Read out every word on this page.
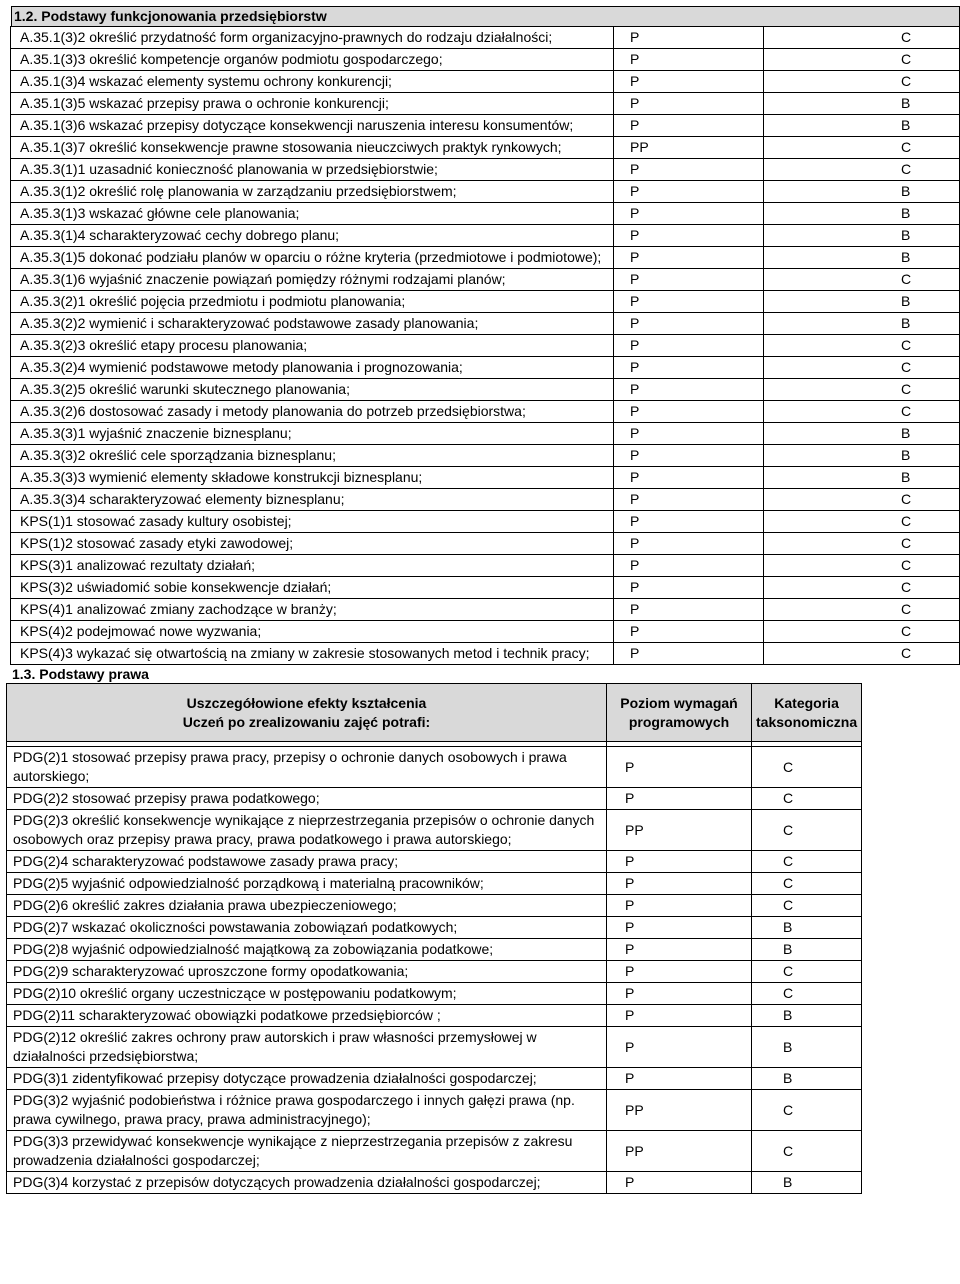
1.2. Podstawy funkcjonowania przedsiębiorstw
A.35.1(3)2 określić przydatność form organizacyjno-prawnych do rodzaju działalności;	P	C
A.35.1(3)3 określić kompetencje organów podmiotu gospodarczego;	P	C
A.35.1(3)4 wskazać elementy systemu ochrony konkurencji;	P	C
A.35.1(3)5 wskazać przepisy prawa o ochronie konkurencji;	P	B
A.35.1(3)6 wskazać przepisy dotyczące konsekwencji naruszenia interesu konsumentów;	P	B
A.35.1(3)7 określić konsekwencje prawne stosowania nieuczciwych praktyk rynkowych;	PP	C
A.35.3(1)1 uzasadnić konieczność planowania w przedsiębiorstwie;	P	C
A.35.3(1)2 określić rolę planowania w zarządzaniu przedsiębiorstwem;	P	B
A.35.3(1)3 wskazać główne cele planowania;	P	B
A.35.3(1)4 scharakteryzować cechy dobrego planu;	P	B
A.35.3(1)5 dokonać podziału planów w oparciu o różne kryteria (przedmiotowe i podmiotowe);	P	B
A.35.3(1)6 wyjaśnić znaczenie powiązań pomiędzy różnymi rodzajami planów;	P	C
A.35.3(2)1 określić pojęcia przedmiotu i podmiotu planowania;	P	B
A.35.3(2)2 wymienić i scharakteryzować podstawowe zasady planowania;	P	B
A.35.3(2)3 określić etapy procesu planowania;	P	C
A.35.3(2)4 wymienić podstawowe metody planowania i prognozowania;	P	C
A.35.3(2)5 określić warunki skutecznego planowania;	P	C
A.35.3(2)6 dostosować zasady i metody planowania do potrzeb przedsiębiorstwa;	P	C
A.35.3(3)1 wyjaśnić znaczenie biznesplanu;	P	B
A.35.3(3)2 określić cele sporządzania biznesplanu;	P	B
A.35.3(3)3 wymienić elementy składowe konstrukcji biznesplanu;	P	B
A.35.3(3)4 scharakteryzować elementy biznesplanu;	P	C
KPS(1)1 stosować zasady kultury osobistej;	P	C
KPS(1)2 stosować zasady etyki zawodowej;	P	C
KPS(3)1 analizować rezultaty działań;	P	C
KPS(3)2 uświadomić sobie konsekwencje działań;	P	C
KPS(4)1 analizować zmiany zachodzące w branży;	P	C
KPS(4)2 podejmować nowe wyzwania;	P	C
KPS(4)3 wykazać się otwartością na zmiany w zakresie stosowanych metod i technik pracy;	P	C
1.3. Podstawy prawa
Uszczegółowione efekty kształcenia
Uczeń po zrealizowaniu zajęć potrafi:	Poziom wymagań programowych	Kategoria taksonomiczna

PDG(2)1 stosować przepisy prawa pracy, przepisy o ochronie danych osobowych i prawa autorskiego;	P	C
PDG(2)2 stosować przepisy prawa podatkowego;	P	C
PDG(2)3 określić konsekwencje wynikające z nieprzestrzegania przepisów o ochronie danych osobowych oraz przepisy prawa pracy, prawa podatkowego i prawa autorskiego;	PP	C
PDG(2)4 scharakteryzować podstawowe zasady prawa pracy;	P	C
PDG(2)5 wyjaśnić odpowiedzialność porządkową i materialną pracowników;	P	C
PDG(2)6 określić zakres działania prawa ubezpieczeniowego;	P	C
PDG(2)7 wskazać okoliczności powstawania zobowiązań podatkowych;	P	B
PDG(2)8 wyjaśnić odpowiedzialność majątkową za zobowiązania podatkowe;	P	B
PDG(2)9 scharakteryzować uproszczone formy opodatkowania;	P	C
PDG(2)10 określić organy uczestniczące w postępowaniu podatkowym;	P	C
PDG(2)11 scharakteryzować obowiązki podatkowe przedsiębiorców ;	P	B
PDG(2)12 określić zakres ochrony praw autorskich i praw własności przemysłowej w działalności przedsiębiorstwa;	P	B
PDG(3)1 zidentyfikować przepisy dotyczące prowadzenia działalności gospodarczej;	P	B
PDG(3)2 wyjaśnić podobieństwa i różnice prawa gospodarczego i innych gałęzi prawa (np. prawa cywilnego, prawa pracy, prawa administracyjnego);	PP	C
PDG(3)3 przewidywać konsekwencje wynikające z nieprzestrzegania przepisów z zakresu prowadzenia działalności gospodarczej;	PP	C
PDG(3)4 korzystać z przepisów dotyczących prowadzenia działalności gospodarczej;	P	B
